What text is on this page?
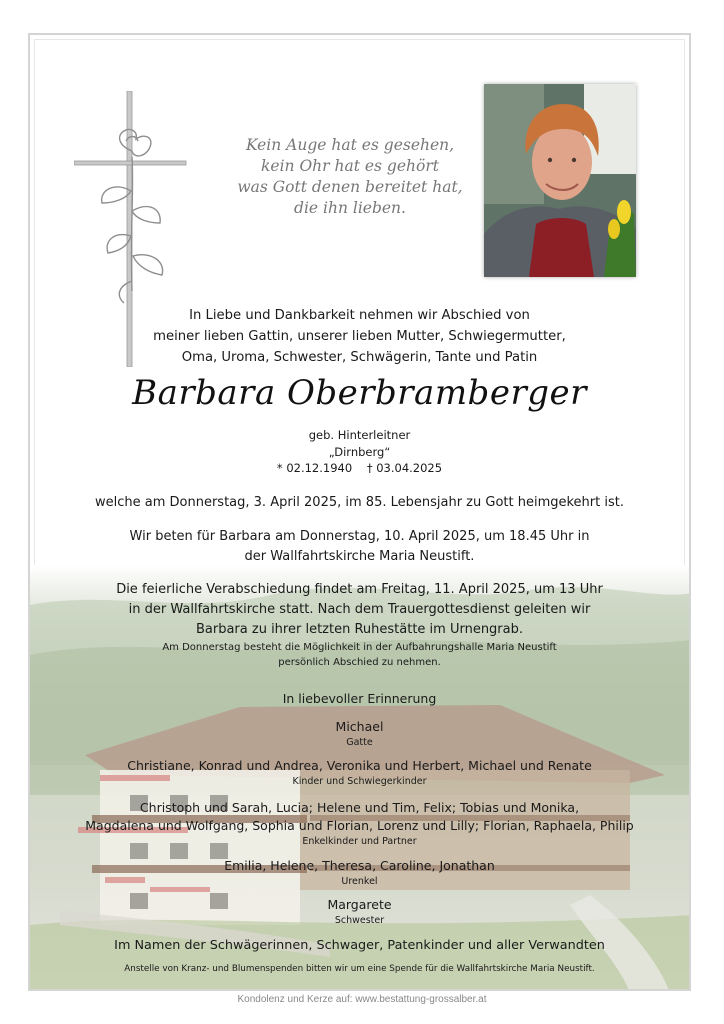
Kein Auge hat es gesehen,
kein Ohr hat es gehört
was Gott denen bereitet hat,
die ihn lieben.
In Liebe und Dankbarkeit nehmen wir Abschied von
meiner lieben Gattin, unserer lieben Mutter, Schwiegermutter,
Oma, Uroma, Schwester, Schwägerin, Tante und Patin
Barbara Oberbramberger
geb. Hinterleitner
„Dirnberg“
* 02.12.1940 † 03.04.2025
welche am Donnerstag, 3. April 2025, im 85. Lebensjahr zu Gott heimgekehrt ist.
Wir beten für Barbara am Donnerstag, 10. April 2025, um 18.45 Uhr in
der Wallfahrtskirche Maria Neustift.
Die feierliche Verabschiedung findet am Freitag, 11. April 2025, um 13 Uhr
in der Wallfahrtskirche statt. Nach dem Trauergottesdienst geleiten wir
Barbara zu ihrer letzten Ruhestätte im Urnengrab.
Am Donnerstag besteht die Möglichkeit in der Aufbahrungshalle Maria Neustift
persönlich Abschied zu nehmen.
In liebevoller Erinnerung
Michael
Gatte
Christiane, Konrad und Andrea, Veronika und Herbert, Michael und Renate
Kinder und Schwiegerkinder
Christoph und Sarah, Lucia; Helene und Tim, Felix; Tobias und Monika,
Magdalena und Wolfgang, Sophia und Florian, Lorenz und Lilly; Florian, Raphaela, Philip
Enkelkinder und Partner
Emilia, Helene, Theresa, Caroline, Jonathan
Urenkel
Margarete
Schwester
Im Namen der Schwägerinnen, Schwager, Patenkinder und aller Verwandten
Anstelle von Kranz- und Blumenspenden bitten wir um eine Spende für die Wallfahrtskirche Maria Neustift.
Kondolenz und Kerze auf: www.bestattung-grossalber.at
